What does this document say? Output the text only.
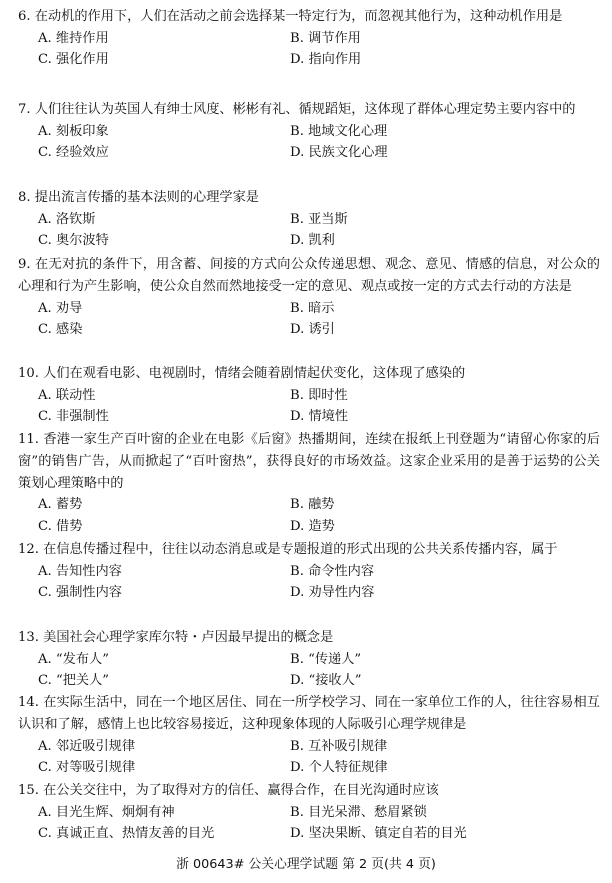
6. 在动机的作用下，人们在活动之前会选择某一特定行为，而忽视其他行为，这种动机作用是

A. 维持作用	B. 调节作用
C. 强化作用	D. 指向作用

7. 人们往往认为英国人有绅士风度、彬彬有礼、循规蹈矩，这体现了群体心理定势主要内容中的

A. 刻板印象	B. 地域文化心理
C. 经验效应	D. 民族文化心理

8. 提出流言传播的基本法则的心理学家是

A. 洛钦斯	B. 亚当斯
C. 奥尔波特	D. 凯利

9. 在无对抗的条件下，用含蓄、间接的方式向公众传递思想、观念、意见、情感的信息，对公众的心理和行为产生影响，使公众自然而然地接受一定的意见、观点或按一定的方式去行动的方法是

A. 劝导	B. 暗示
C. 感染	D. 诱引

10. 人们在观看电影、电视剧时，情绪会随着剧情起伏变化，这体现了感染的

A. 联动性	B. 即时性
C. 非强制性	D. 情境性

11. 香港一家生产百叶窗的企业在电影《后窗》热播期间，连续在报纸上刊登题为“请留心你家的后窗”的销售广告，从而掀起了“百叶窗热”，获得良好的市场效益。这家企业采用的是善于运势的公关策划心理策略中的

A. 蓄势	B. 融势
C. 借势	D. 造势

12. 在信息传播过程中，往往以动态消息或是专题报道的形式出现的公共关系传播内容，属于

A. 告知性内容	B. 命令性内容
C. 强制性内容	D. 劝导性内容

13. 美国社会心理学家库尔特・卢因最早提出的概念是

A. “发布人”	B. “传递人”
C. “把关人”	D. “接收人”

14. 在实际生活中，同在一个地区居住、同在一所学校学习、同在一家单位工作的人，往往容易相互认识和了解，感情上也比较容易接近，这种现象体现的人际吸引心理学规律是

A. 邻近吸引规律	B. 互补吸引规律
C. 对等吸引规律	D. 个人特征规律

15. 在公关交往中，为了取得对方的信任、赢得合作，在目光沟通时应该

A. 目光生辉、炯炯有神	B. 目光呆滞、愁眉紧锁
C. 真诚正直、热情友善的目光	D. 坚决果断、镇定自若的目光
浙 00643# 公关心理学试题 第 2 页(共 4 页)
